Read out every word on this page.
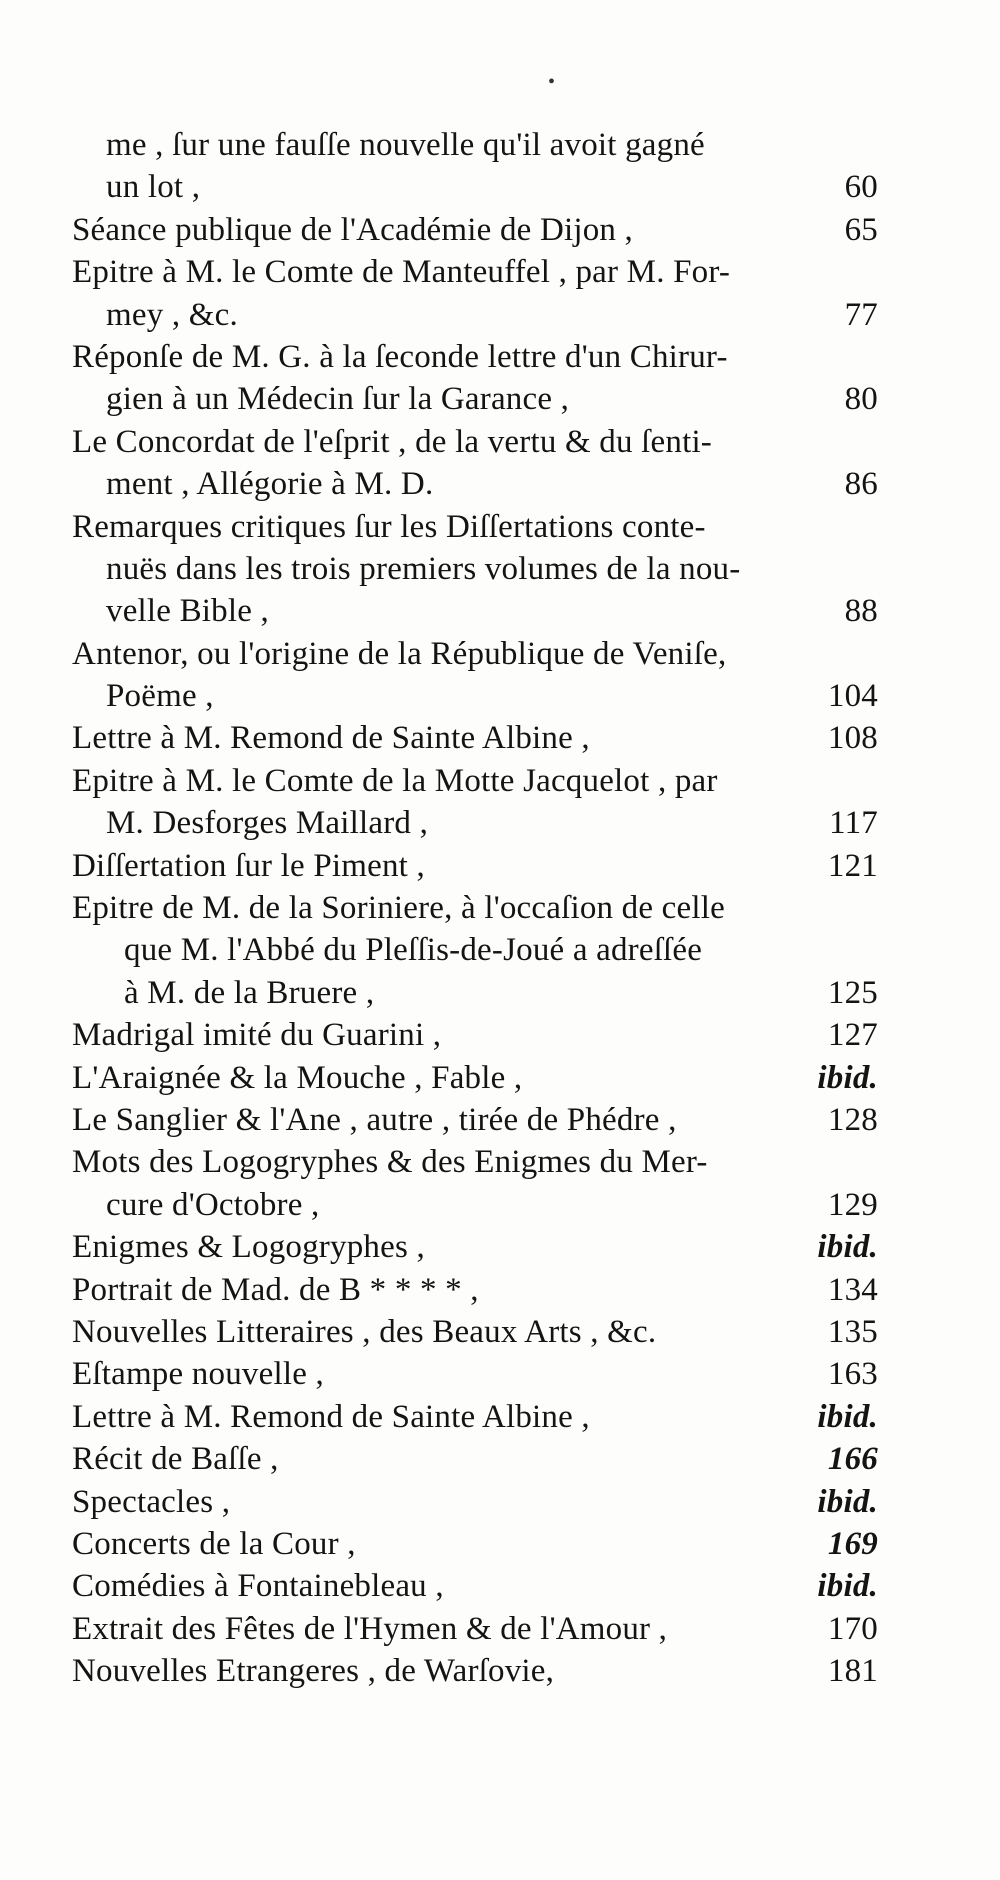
•
me , ſur une fauſſe nouvelle qu'il avoit gagné
un lot ,	60
Séance publique de l'Académie de Dijon ,	65
Epitre à M. le Comte de Manteuffel , par M. For-
mey , &c.	77
Réponſe de M. G. à la ſeconde lettre d'un Chirur-
gien à un Médecin ſur la Garance ,	80
Le Concordat de l'eſprit , de la vertu & du ſenti-
ment , Allégorie à M. D.	86
Remarques critiques ſur les Diſſertations conte-
nuës dans les trois premiers volumes de la nou-
velle Bible ,	88
Antenor, ou l'origine de la République de Veniſe,
Poëme ,	104
Lettre à M. Remond de Sainte Albine ,	108
Epitre à M. le Comte de la Motte Jacquelot , par
M. Desforges Maillard ,	117
Diſſertation ſur le Piment ,	121
Epitre de M. de la Soriniere, à l'occaſion de celle
que M. l'Abbé du Pleſſis-de-Joué a adreſſée
à M. de la Bruere ,	125
Madrigal imité du Guarini ,	127
L'Araignée & la Mouche , Fable ,	ibid.
Le Sanglier & l'Ane , autre , tirée de Phédre ,	128
Mots des Logogryphes & des Enigmes du Mer-
cure d'Octobre ,	129
Enigmes & Logogryphes ,	ibid.
Portrait de Mad. de B * * * * ,	134
Nouvelles Litteraires , des Beaux Arts , &c.	135
Eſtampe nouvelle ,	163
Lettre à M. Remond de Sainte Albine ,	ibid.
Récit de Baſſe ,	166
Spectacles ,	ibid.
Concerts de la Cour ,	169
Comédies à Fontainebleau ,	ibid.
Extrait des Fêtes de l'Hymen & de l'Amour ,	170
Nouvelles Etrangeres , de Warſovie,	181
